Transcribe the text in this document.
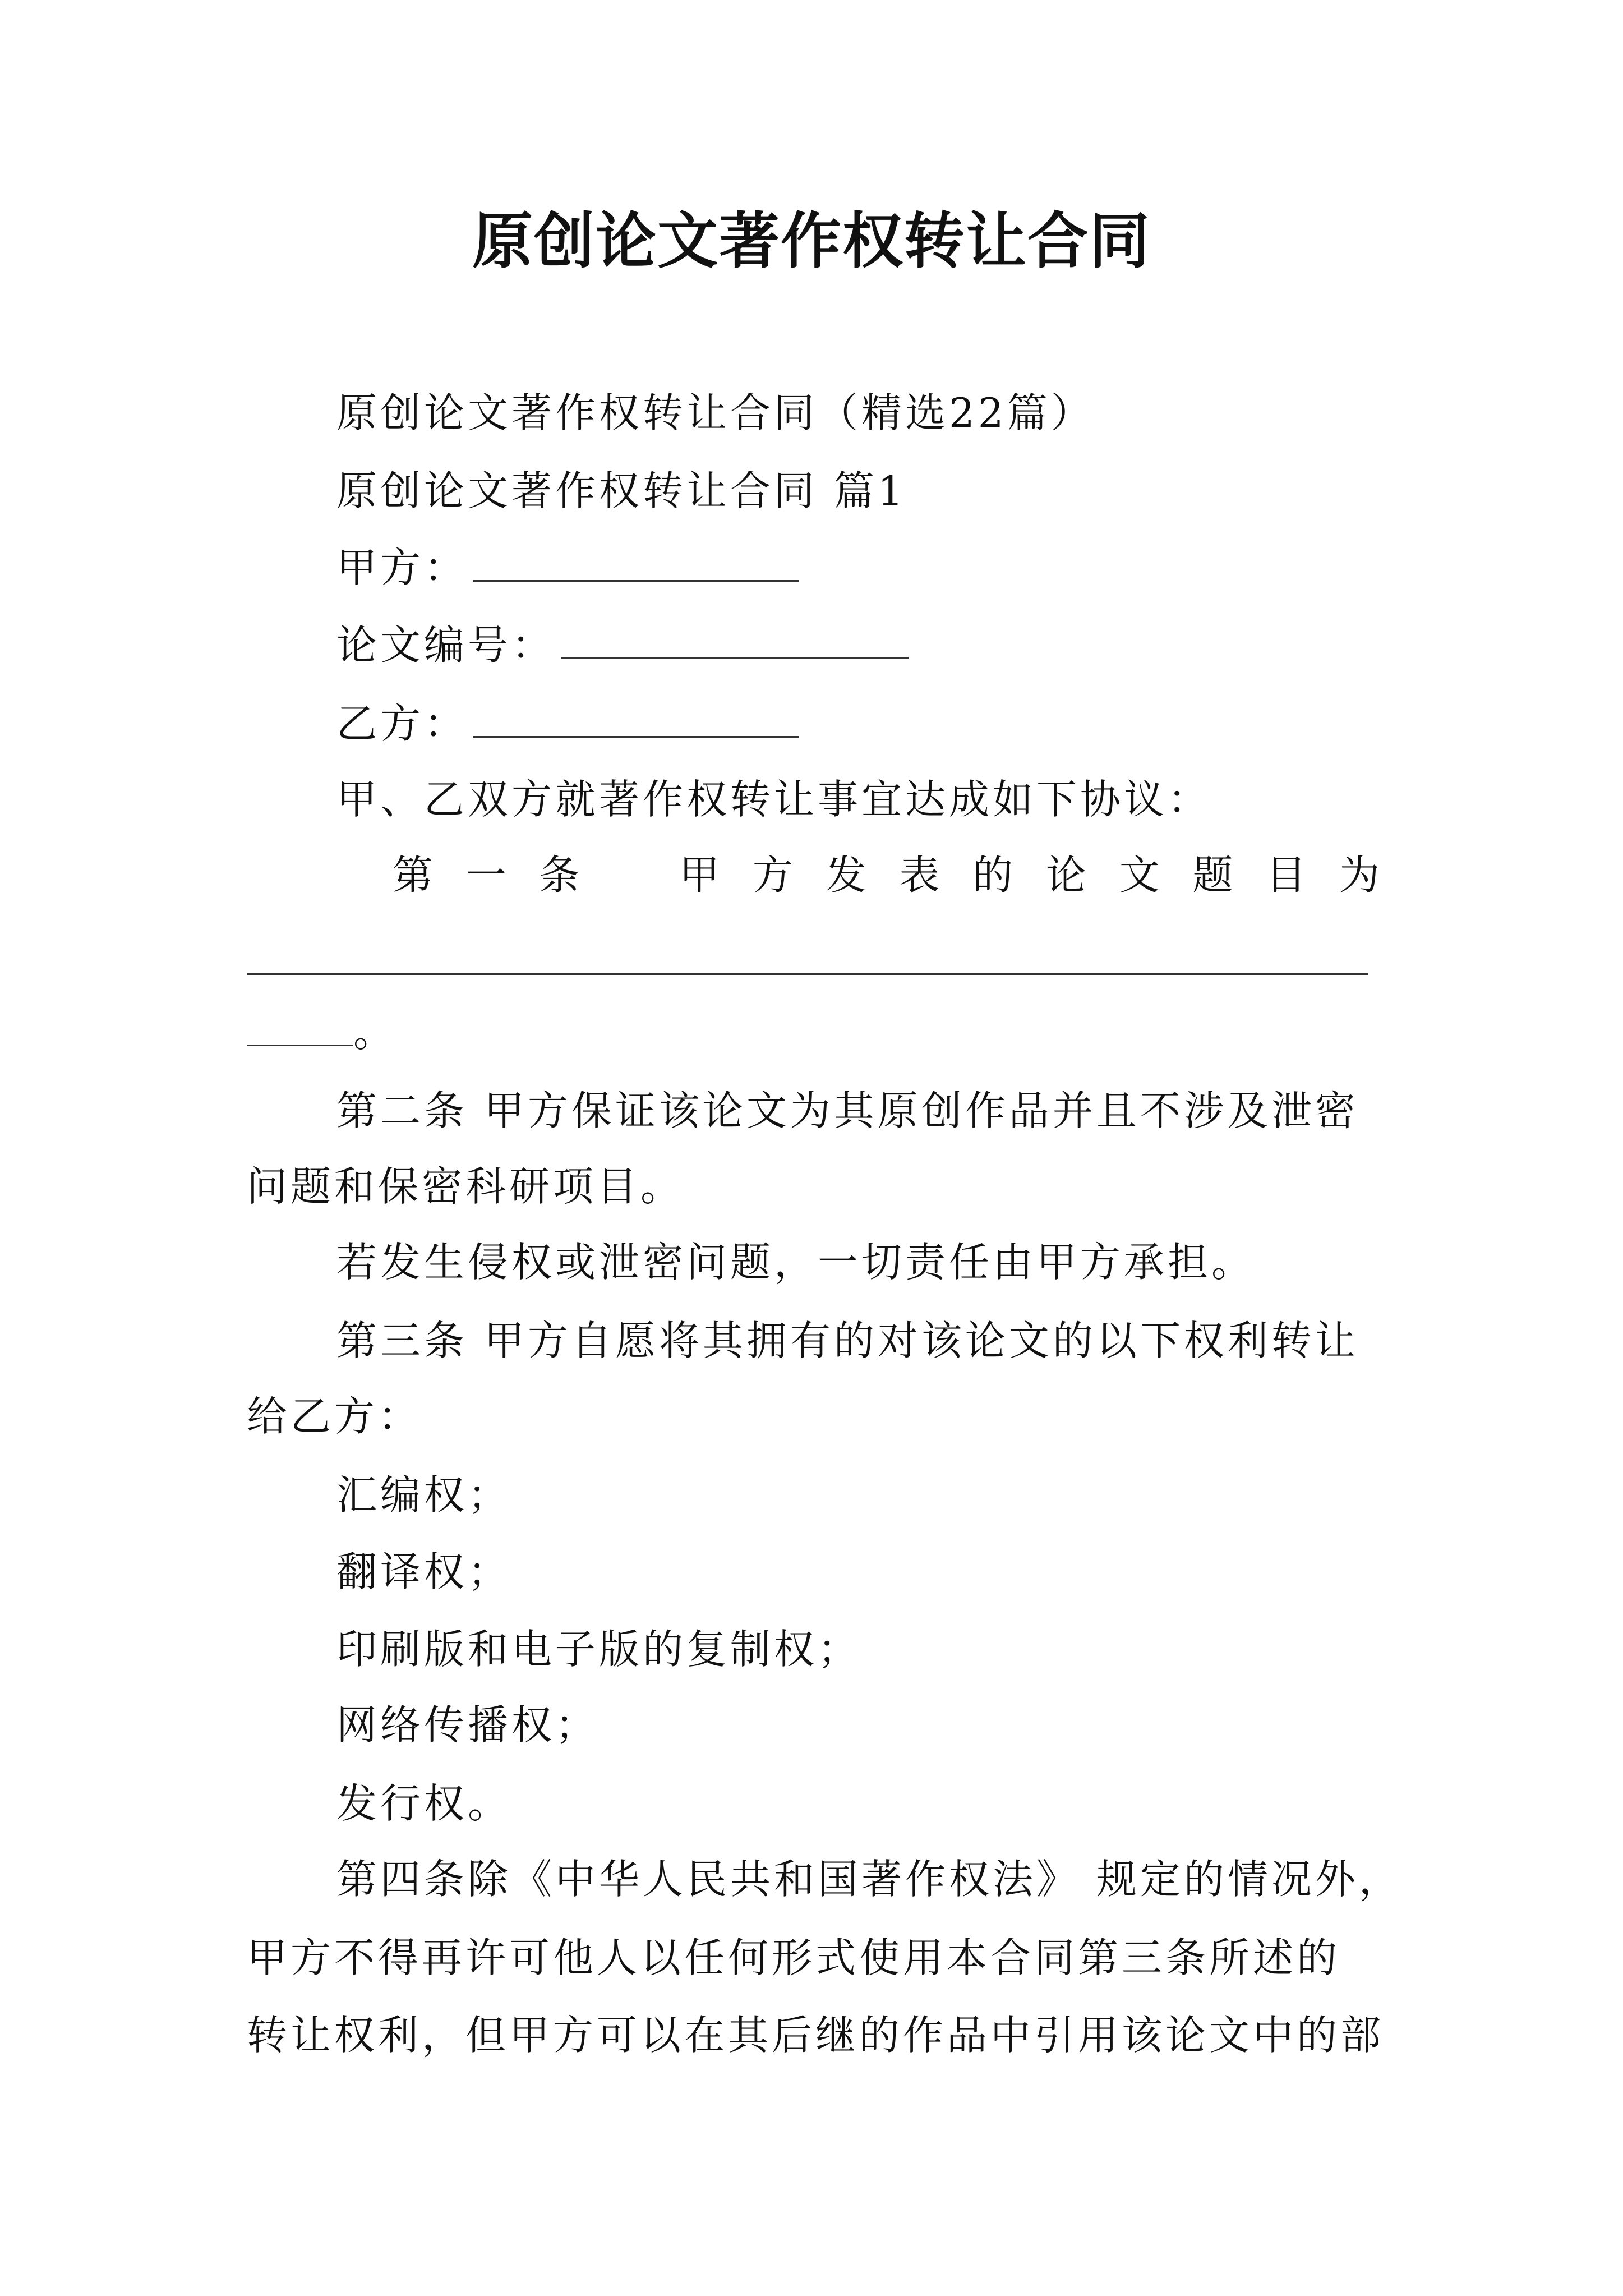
原创论文著作权转让合同

原创论文著作权转让合同（精选22篇）

原创论文著作权转让合同 篇1

甲方：

论文编号：

乙方：

甲、乙双方就著作权转让事宜达成如下协议：

第 一 条 甲 方 发 表 的 论 文 题 目 为

。

第二条 甲方保证该论文为其原创作品并且不涉及泄密

问题和保密科研项目。

若发生侵权或泄密问题，一切责任由甲方承担。

第三条 甲方自愿将其拥有的对该论文的以下权利转让

给乙方：

汇编权；

翻译权；

印刷版和电子版的复制权；

网络传播权；

发行权。

第四条除《中华人民共和国著作权法》 规定的情况外，

甲方不得再许可他人以任何形式使用本合同第三条所述的

转让权利，但甲方可以在其后继的作品中引用该论文中的部
